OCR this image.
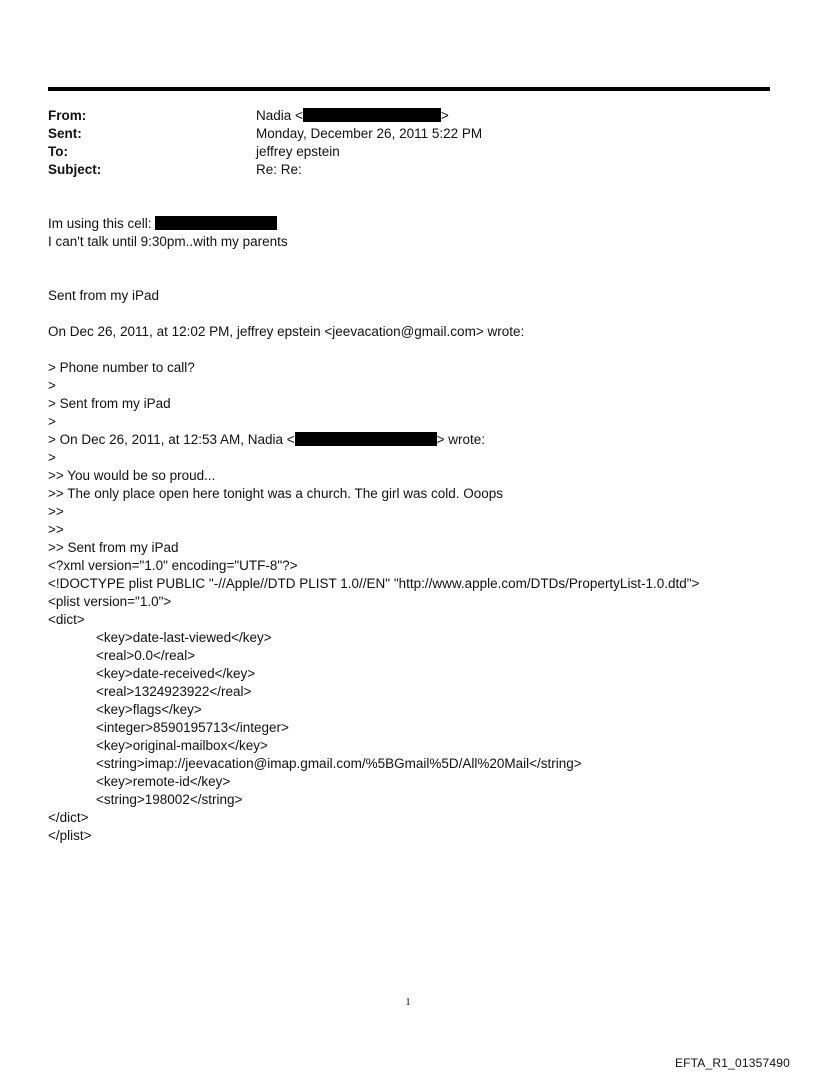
From:	Nadia <	>
Sent:	Monday, December 26, 2011 5:22 PM
To:	jeffrey epstein
Subject:	Re: Re:
Im using this cell:
I can't talk until 9:30pm..with my parents
Sent from my iPad
On Dec 26, 2011, at 12:02 PM, jeffrey epstein <jeevacation@gmail.com> wrote:
> Phone number to call?
>
> Sent from my iPad
>
> On Dec 26, 2011, at 12:53 AM, Nadia <	> wrote:
>
>> You would be so proud...
>> The only place open here tonight was a church. The girl was cold. Ooops
>>
>>
>> Sent from my iPad
<?xml version="1.0" encoding="UTF-8"?>
<!DOCTYPE plist PUBLIC "-//Apple//DTD PLIST 1.0//EN" "http://www.apple.com/DTDs/PropertyList-1.0.dtd">
<plist version="1.0">
<dict>
<key>date-last-viewed</key>
<real>0.0</real>
<key>date-received</key>
<real>1324923922</real>
<key>flags</key>
<integer>8590195713</integer>
<key>original-mailbox</key>
<string>imap://jeevacation@imap.gmail.com/%5BGmail%5D/All%20Mail</string>
<key>remote-id</key>
<string>198002</string>
</dict>
</plist>
1
EFTA_R1_01357490
